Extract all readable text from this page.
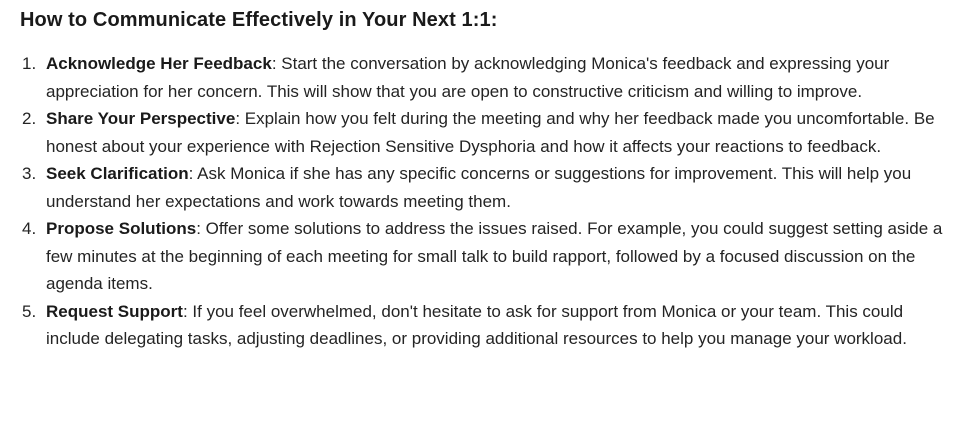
How to Communicate Effectively in Your Next 1:1:
1. Acknowledge Her Feedback: Start the conversation by acknowledging Monica's feedback and expressing your appreciation for her concern. This will show that you are open to constructive criticism and willing to improve.
2. Share Your Perspective: Explain how you felt during the meeting and why her feedback made you uncomfortable. Be honest about your experience with Rejection Sensitive Dysphoria and how it affects your reactions to feedback.
3. Seek Clarification: Ask Monica if she has any specific concerns or suggestions for improvement. This will help you understand her expectations and work towards meeting them.
4. Propose Solutions: Offer some solutions to address the issues raised. For example, you could suggest setting aside a few minutes at the beginning of each meeting for small talk to build rapport, followed by a focused discussion on the agenda items.
5. Request Support: If you feel overwhelmed, don't hesitate to ask for support from Monica or your team. This could include delegating tasks, adjusting deadlines, or providing additional resources to help you manage your workload.
